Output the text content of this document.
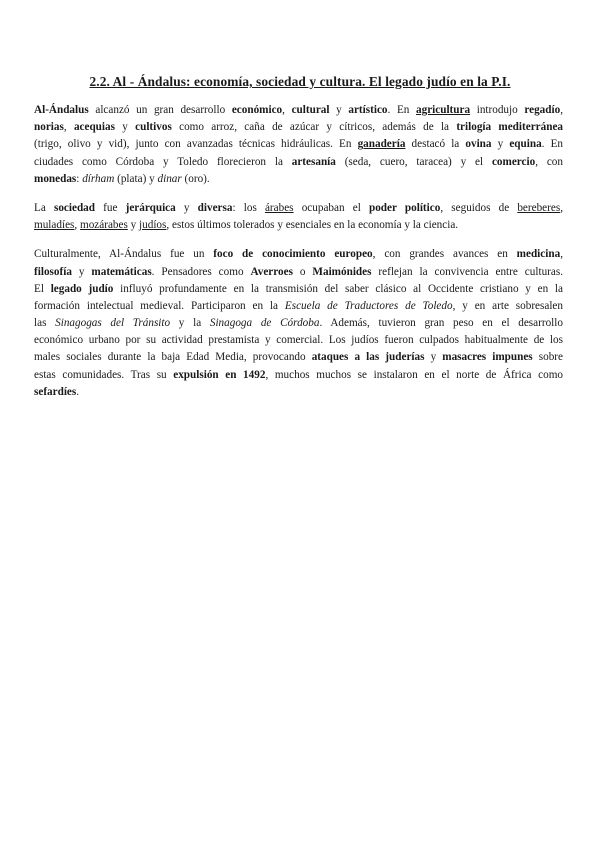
2.2. Al - Ándalus: economía, sociedad y cultura. El legado judío en la P.I.
Al-Ándalus alcanzó un gran desarrollo económico, cultural y artístico. En agricultura introdujo regadío,
norias, acequias y cultivos como arroz, caña de azúcar y cítricos, además de la trilogía mediterránea
(trigo, olivo y vid), junto con avanzadas técnicas hidráulicas. En ganadería destacó la ovina y equina. En
ciudades como Córdoba y Toledo florecieron la artesanía (seda, cuero, taracea) y el comercio, con
monedas: dírham (plata) y dinar (oro).
La sociedad fue jerárquica y diversa: los árabes ocupaban el poder político, seguidos de bereberes,
muladíes, mozárabes y judíos, estos últimos tolerados y esenciales en la economía y la ciencia.
Culturalmente, Al-Ándalus fue un foco de conocimiento europeo, con grandes avances en medicina,
filosofía y matemáticas. Pensadores como Averroes o Maimónides reflejan la convivencia entre culturas.
El legado judío influyó profundamente en la transmisión del saber clásico al Occidente cristiano y en la
formación intelectual medieval. Participaron en la Escuela de Traductores de Toledo, y en arte sobresalen
las Sinagogas del Tránsito y la Sinagoga de Córdoba. Además, tuvieron gran peso en el desarrollo
económico urbano por su actividad prestamista y comercial. Los judíos fueron culpados habitualmente de los
males sociales durante la baja Edad Media, provocando ataques a las juderías y masacres impunes sobre
estas comunidades. Tras su expulsión en 1492, muchos muchos se instalaron en el norte de África como
sefardíes.
